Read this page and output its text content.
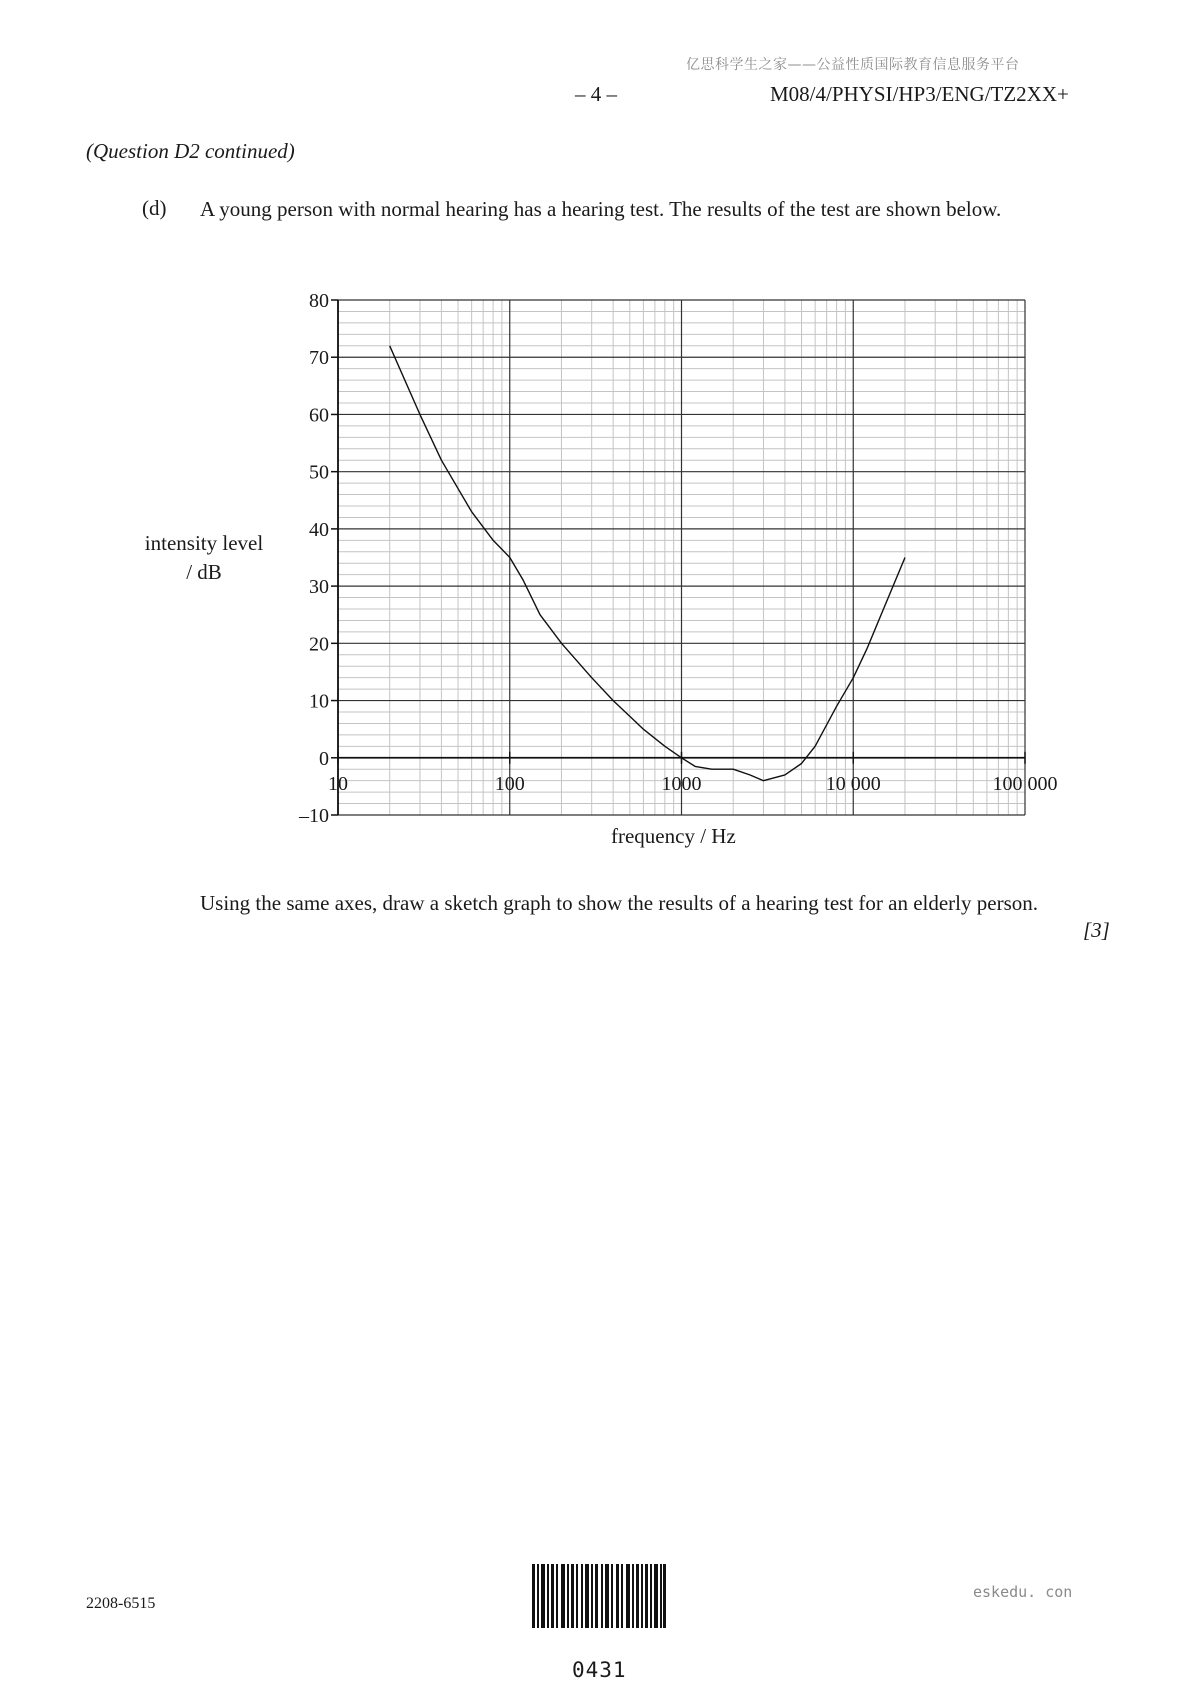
亿思科学生之家——公益性质国际教育信息服务平台
– 4 –	M08/4/PHYSI/HP3/ENG/TZ2XX+
(Question D2 continued)
(d) A young person with normal hearing has a hearing test. The results of the test are shown below.
10	100	1000	10 000	100 000
80
70
60
50
40
30
20
10
0
–10
intensity level
/ dB
frequency / Hz
Using the same axes, draw a sketch graph to show the results of a hearing test for an elderly person.
[3]
2208-6515
eskedu. con
0431
